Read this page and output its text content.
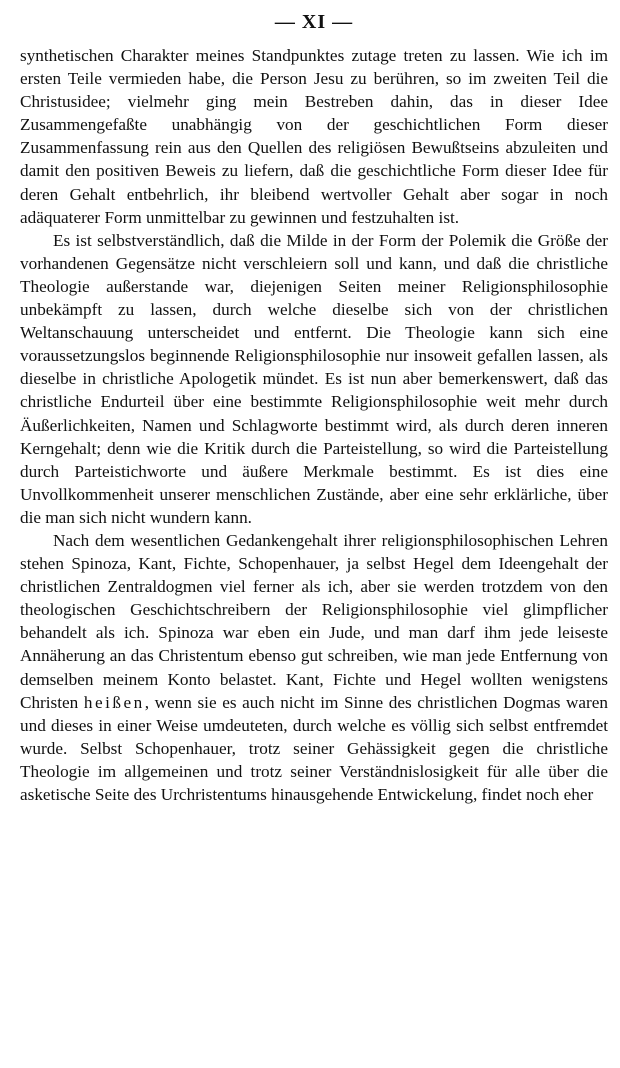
— XI —

synthetischen Charakter meines Standpunktes zutage treten zu lassen. Wie ich im ersten Teile vermieden habe, die Person Jesu zu berühren, so im zweiten Teil die Christusidee; vielmehr ging mein Bestreben dahin, das in dieser Idee Zusammengefaßte unabhängig von der geschichtlichen Form dieser Zusammenfassung rein aus den Quellen des religiösen Bewußtseins abzuleiten und damit den positiven Beweis zu liefern, daß die geschichtliche Form dieser Idee für deren Gehalt entbehrlich, ihr bleibend wertvoller Gehalt aber sogar in noch adäquaterer Form unmittelbar zu gewinnen und festzuhalten ist.

Es ist selbstverständlich, daß die Milde in der Form der Polemik die Größe der vorhandenen Gegensätze nicht verschleiern soll und kann, und daß die christliche Theologie außerstande war, diejenigen Seiten meiner Religionsphilosophie unbekämpft zu lassen, durch welche dieselbe sich von der christlichen Weltanschauung unterscheidet und entfernt. Die Theologie kann sich eine voraussetzungslos beginnende Religionsphilosophie nur insoweit gefallen lassen, als dieselbe in christliche Apologetik mündet. Es ist nun aber bemerkenswert, daß das christliche Endurteil über eine bestimmte Religionsphilosophie weit mehr durch Äußerlichkeiten, Namen und Schlagworte bestimmt wird, als durch deren inneren Kerngehalt; denn wie die Kritik durch die Parteistellung, so wird die Parteistellung durch Parteistichworte und äußere Merkmale bestimmt. Es ist dies eine Unvollkommenheit unserer menschlichen Zustände, aber eine sehr erklärliche, über die man sich nicht wundern kann.

Nach dem wesentlichen Gedankengehalt ihrer religionsphilosophischen Lehren stehen Spinoza, Kant, Fichte, Schopenhauer, ja selbst Hegel dem Ideengehalt der christlichen Zentraldogmen viel ferner als ich, aber sie werden trotzdem von den theologischen Geschichtschreibern der Religionsphilosophie viel glimpflicher behandelt als ich. Spinoza war eben ein Jude, und man darf ihm jede leiseste Annäherung an das Christentum ebenso gut schreiben, wie man jede Entfernung von demselben meinem Konto belastet. Kant, Fichte und Hegel wollten wenigstens Christen heißen, wenn sie es auch nicht im Sinne des christlichen Dogmas waren und dieses in einer Weise umdeuteten, durch welche es völlig sich selbst entfremdet wurde. Selbst Schopenhauer, trotz seiner Gehässigkeit gegen die christliche Theologie im allgemeinen und trotz seiner Verständnislosigkeit für alle über die asketische Seite des Urchristentums hinausgehende Entwickelung, findet noch eher
